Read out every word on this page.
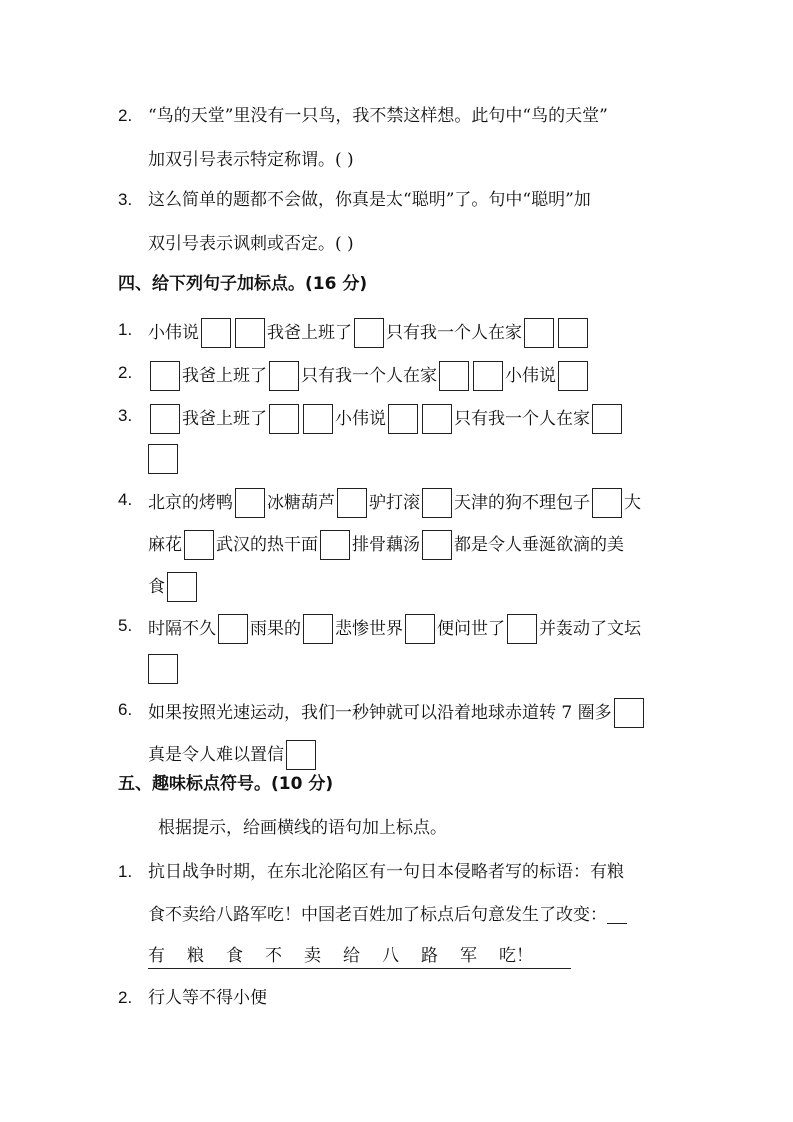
2. “鸟的天堂”里没有一只鸟，我不禁这样想。此句中“鸟的天堂”
加双引号表示特定称谓。( )
3. 这么简单的题都不会做，你真是太“聪明”了。句中“聪明”加
双引号表示讽刺或否定。( )
四、给下列句子加标点。(16 分)
1. 小伟说	我爸上班了 只有我一个人在家
2.	我爸上班了 只有我一个人在家	小伟说
3.	我爸上班了	小伟说	只有我一个人在家
4. 北京的烤鸭 冰糖葫芦 驴打滚 天津的狗不理包子 大
麻花 武汉的热干面 排骨藕汤 都是令人垂涎欲滴的美
食
5. 时隔不久 雨果的 悲惨世界 便问世了 并轰动了文坛
6. 如果按照光速运动，我们一秒钟就可以沿着地球赤道转 7 圈多
真是令人难以置信
五、趣味标点符号。(10 分)
根据提示，给画横线的语句加上标点。
1. 抗日战争时期，在东北沦陷区有一句日本侵略者写的标语：有粮
食不卖给八路军吃！中国老百姓加了标点后句意发生了改变：
有 粮 食 不 卖 给 八 路 军 吃！
2. 行人等不得小便
